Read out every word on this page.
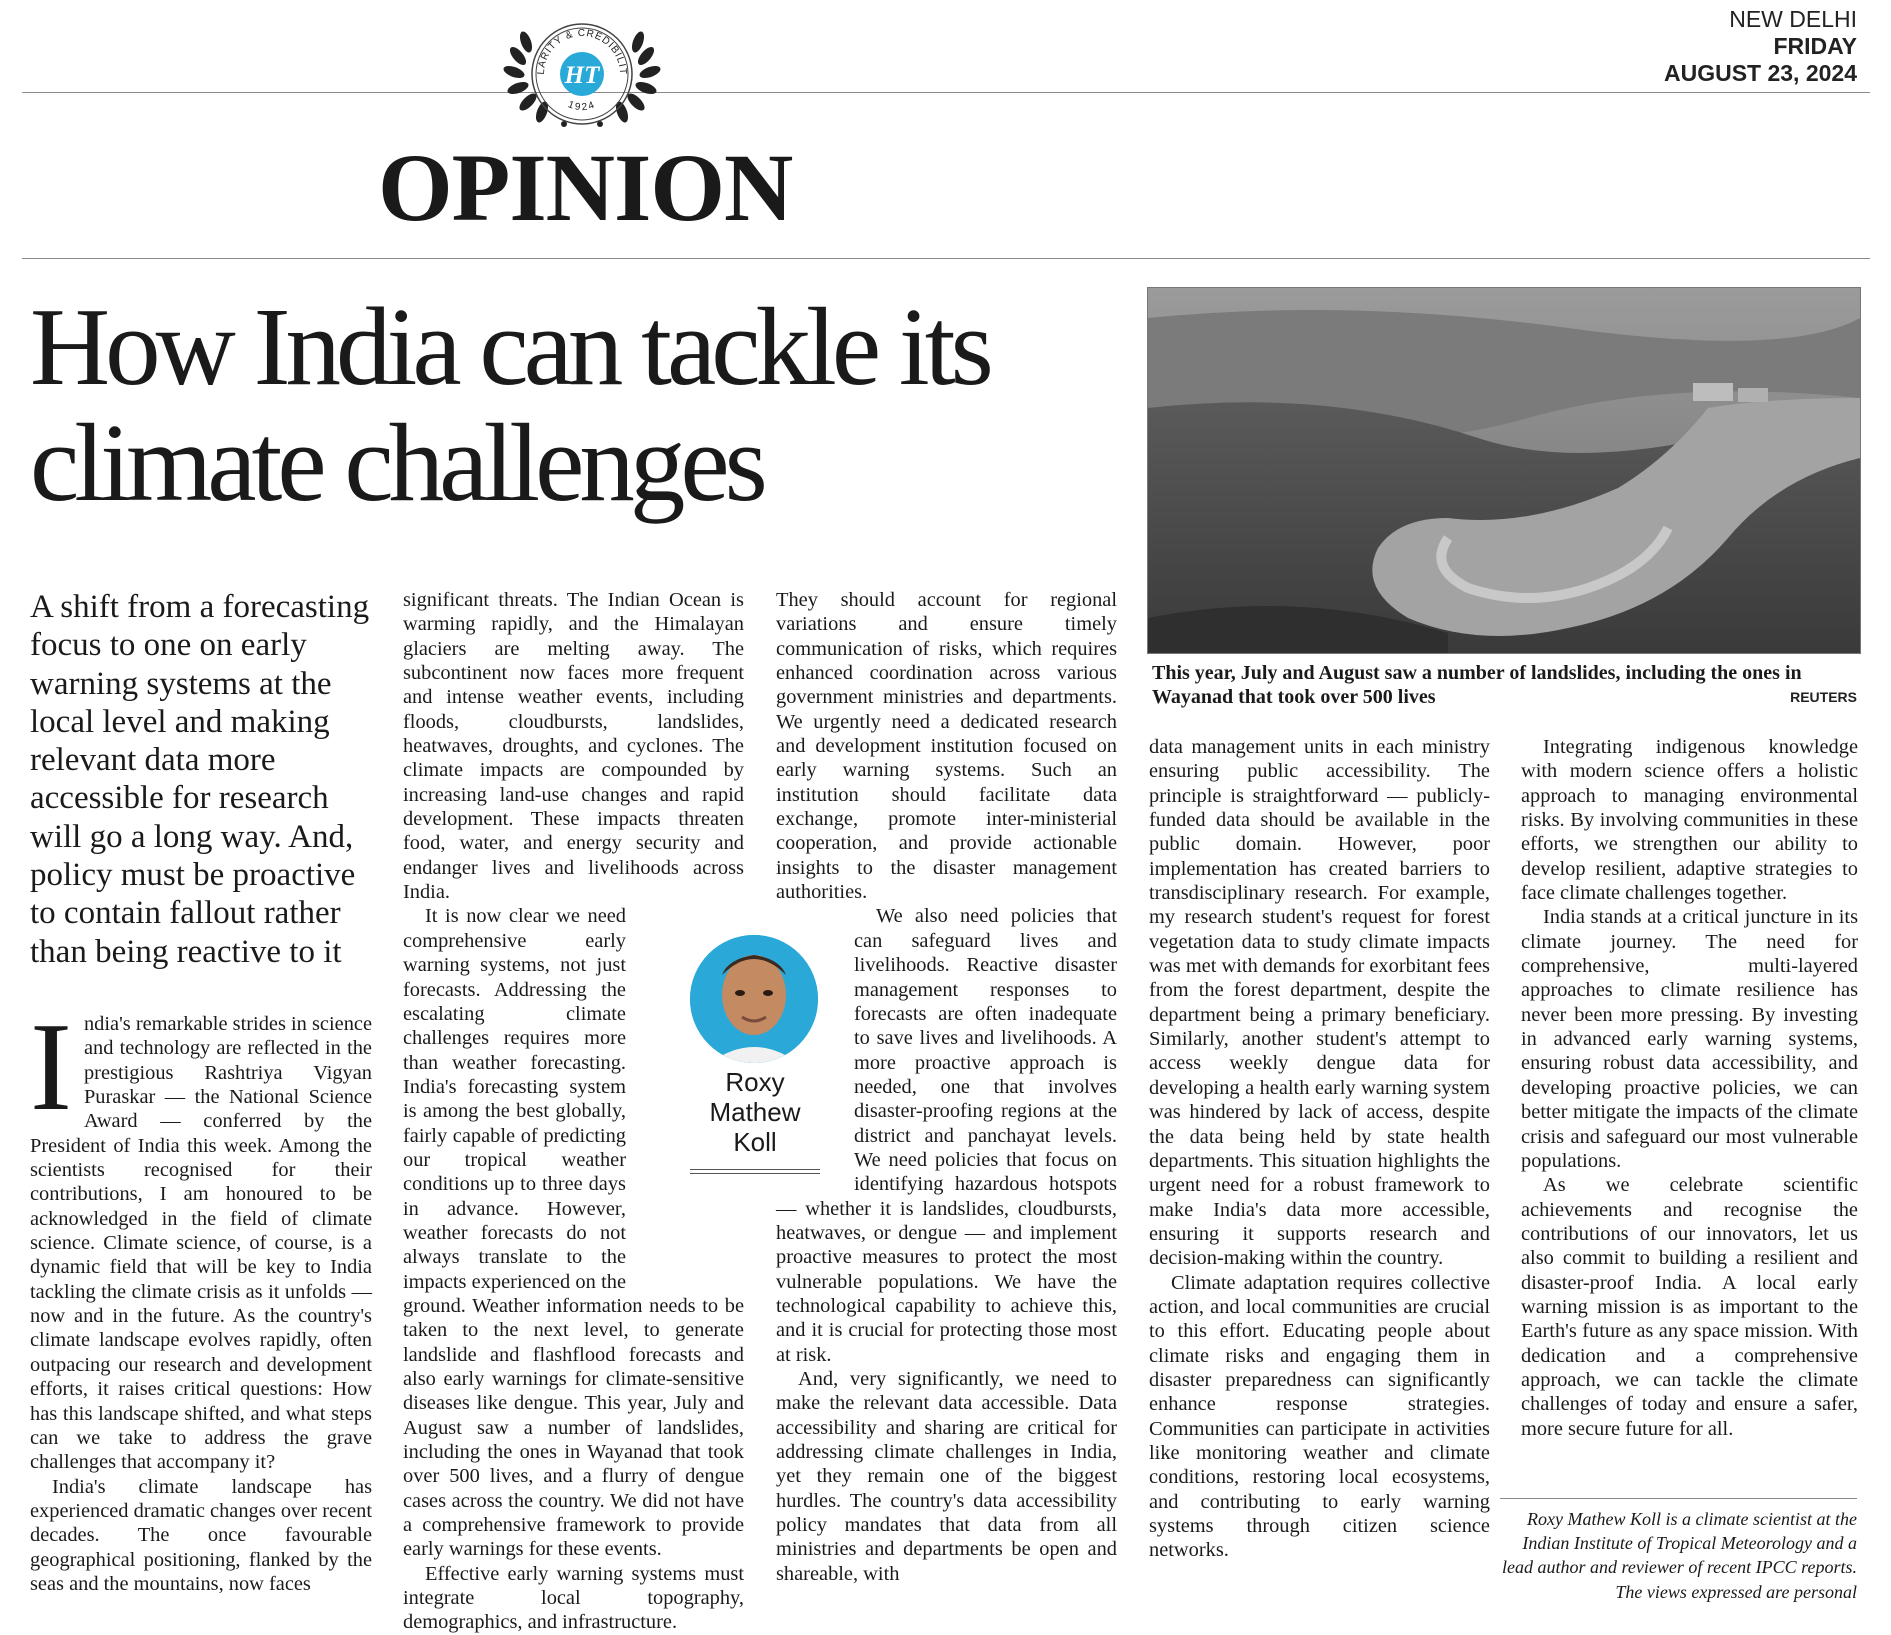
NEW DELHI
FRIDAY
AUGUST 23, 2024
LARITY & CREDIBILIT
1924
HT
OPINION
How India can tackle its climate challenges
This year, July and August saw a number of landslides, including the ones in Wayanad that took over 500 lives	REUTERS
A shift from a forecasting focus to one on early warning systems at the local level and making relevant data more accessible for research will go a long way. And, policy must be proactive to contain fallout rather than being reactive to it
I ndia's remarkable strides in science and technology are reflected in the prestigious Rashtriya Vigyan Puraskar — the National Science Award — conferred by the President of India this week. Among the scientists recognised for their contributions, I am honoured to be acknowledged in the field of climate science. Climate science, of course, is a dynamic field that will be key to India tackling the climate crisis as it unfolds — now and in the future. As the country's climate landscape evolves rapidly, often outpacing our research and development efforts, it raises critical questions: How has this landscape shifted, and what steps can we take to address the grave challenges that accompany it?

India's climate landscape has experienced dramatic changes over recent decades. The once favourable geographical positioning, flanked by the seas and the mountains, now faces

significant threats. The Indian Ocean is warming rapidly, and the Himalayan glaciers are melting away. The subcontinent now faces more frequent and intense weather events, including floods, cloudbursts, landslides, heatwaves, droughts, and cyclones. The climate impacts are compounded by increasing land-use changes and rapid development. These impacts threaten food, water, and energy security and endanger lives and livelihoods across India.

It is now clear we need comprehensive early warning systems, not just forecasts. Addressing the escalating climate challenges requires more than weather forecasting. India's forecasting system is among the best globally, fairly capable of predicting our tropical weather conditions up to three days in advance. However, weather forecasts do not always translate to the impacts experienced on the ground. Weather information needs to be taken to the next level, to generate landslide and flashflood forecasts and also early warnings for climate-sensitive diseases like dengue. This year, July and August saw a number of landslides, including the ones in Wayanad that took over 500 lives, and a flurry of dengue cases across the country. We did not have a comprehensive framework to provide early warnings for these events.

Effective early warning systems must integrate local topography, demographics, and infrastructure.

They should account for regional variations and ensure timely communication of risks, which requires enhanced coordination across various government ministries and departments. We urgently need a dedicated research and development institution focused on early warning systems. Such an institution should facilitate data exchange, promote inter-ministerial cooperation, and provide actionable insights to the disaster management authorities.

We also need policies that can safeguard lives and livelihoods. Reactive disaster management responses to forecasts are often inadequate to save lives and livelihoods. A more proactive approach is needed, one that involves disaster-proofing regions at the district and panchayat levels. We need policies that focus on identifying hazardous hotspots — whether it is landslides, cloudbursts, heatwaves, or dengue — and implement proactive measures to protect the most vulnerable populations. We have the technological capability to achieve this, and it is crucial for protecting those most at risk.

And, very significantly, we need to make the relevant data accessible. Data accessibility and sharing are critical for addressing climate challenges in India, yet they remain one of the biggest hurdles. The country's data accessibility policy mandates that data from all ministries and departments be open and shareable, with

Roxy
Mathew
Koll

data management units in each ministry ensuring public accessibility. The principle is straightforward — publicly-funded data should be available in the public domain. However, poor implementation has created barriers to transdisciplinary research. For example, my research student's request for forest vegetation data to study climate impacts was met with demands for exorbitant fees from the forest department, despite the department being a primary beneficiary. Similarly, another student's attempt to access weekly dengue data for developing a health early warning system was hindered by lack of access, despite the data being held by state health departments. This situation highlights the urgent need for a robust framework to make India's data more accessible, ensuring it supports research and decision-making within the country.

Climate adaptation requires collective action, and local communities are crucial to this effort. Educating people about climate risks and engaging them in disaster preparedness can significantly enhance response strategies. Communities can participate in activities like monitoring weather and climate conditions, restoring local ecosystems, and contributing to early warning systems through citizen science networks.

Integrating indigenous knowledge with modern science offers a holistic approach to managing environmental risks. By involving communities in these efforts, we strengthen our ability to develop resilient, adaptive strategies to face climate challenges together.

India stands at a critical juncture in its climate journey. The need for comprehensive, multi-layered approaches to climate resilience has never been more pressing. By investing in advanced early warning systems, ensuring robust data accessibility, and developing proactive policies, we can better mitigate the impacts of the climate crisis and safeguard our most vulnerable populations.

As we celebrate scientific achievements and recognise the contributions of our innovators, let us also commit to building a resilient and disaster-proof India. A local early warning mission is as important to the Earth's future as any space mission. With dedication and a comprehensive approach, we can tackle the climate challenges of today and ensure a safer, more secure future for all.

Roxy Mathew Koll is a climate scientist at the Indian Institute of Tropical Meteorology and a lead author and reviewer of recent IPCC reports. The views expressed are personal
